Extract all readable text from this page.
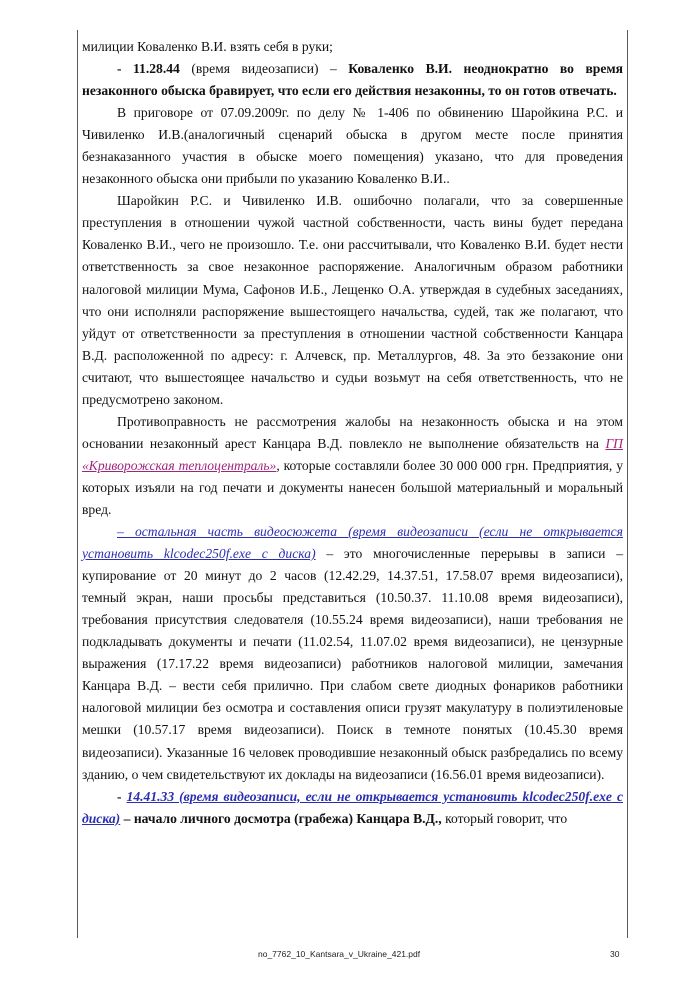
милиции Коваленко В.И. взять себя в руки;

- 11.28.44 (время видеозаписи) – Коваленко В.И. неоднократно во время незаконного обыска бравирует, что если его действия незаконны, то он готов отвечать.

В приговоре от 07.09.2009г. по делу № 1-406 по обвинению Шаройкина Р.С. и Чивиленко И.В.(аналогичный сценарий обыска в другом месте после принятия безнаказанного участия в обыске моего помещения) указано, что для проведения незаконного обыска они прибыли по указанию Коваленко В.И..

Шаройкин Р.С. и Чивиленко И.В. ошибочно полагали, что за совершенные преступления в отношении чужой частной собственности, часть вины будет передана Коваленко В.И., чего не произошло. Т.е. они рассчитывали, что Коваленко В.И. будет нести ответственность за свое незаконное распоряжение. Аналогичным образом работники налоговой милиции Мума, Сафонов И.Б., Лещенко О.А. утверждая в судебных заседаниях, что они исполняли распоряжение вышестоящего начальства, судей, так же полагают, что уйдут от ответственности за преступления в отношении частной собственности Канцара В.Д. расположенной по адресу: г. Алчевск, пр. Металлургов, 48. За это беззаконие они считают, что вышестоящее начальство и судьи возьмут на себя ответственность, что не предусмотрено законом.

Противоправность не рассмотрения жалобы на незаконность обыска и на этом основании незаконный арест Канцара В.Д. повлекло не выполнение обязательств на ГП «Криворожская теплоцентраль», которые составляли более 30 000 000 грн. Предприятия, у которых изъяли на год печати и документы нанесен большой материальный и моральный вред.

– остальная часть видеосюжета (время видеозаписи (если не открывается установить klcodec250f.exe с диска) – это многочисленные перерывы в записи – купирование от 20 минут до 2 часов (12.42.29, 14.37.51, 17.58.07 время видеозаписи), темный экран, наши просьбы представиться (10.50.37. 11.10.08 время видеозаписи), требования присутствия следователя (10.55.24 время видеозаписи), наши требования не подкладывать документы и печати (11.02.54, 11.07.02 время видеозаписи), не цензурные выражения (17.17.22 время видеозаписи) работников налоговой милиции, замечания Канцара В.Д. – вести себя прилично. При слабом свете диодных фонариков работники налоговой милиции без осмотра и составления описи грузят макулатуру в полиэтиленовые мешки (10.57.17 время видеозаписи). Поиск в темноте понятых (10.45.30 время видеозаписи). Указанные 16 человек проводившие незаконный обыск разбредались по всему зданию, о чем свидетельствуют их доклады на видеозаписи (16.56.01 время видеозаписи).

- 14.41.33 (время видеозаписи, если не открывается установить klcodec250f.exe с диска) – начало личного досмотра (грабежа) Канцара В.Д., который говорит, что

no_7762_10_Kantsara_v_Ukraine_421.pdf	30
